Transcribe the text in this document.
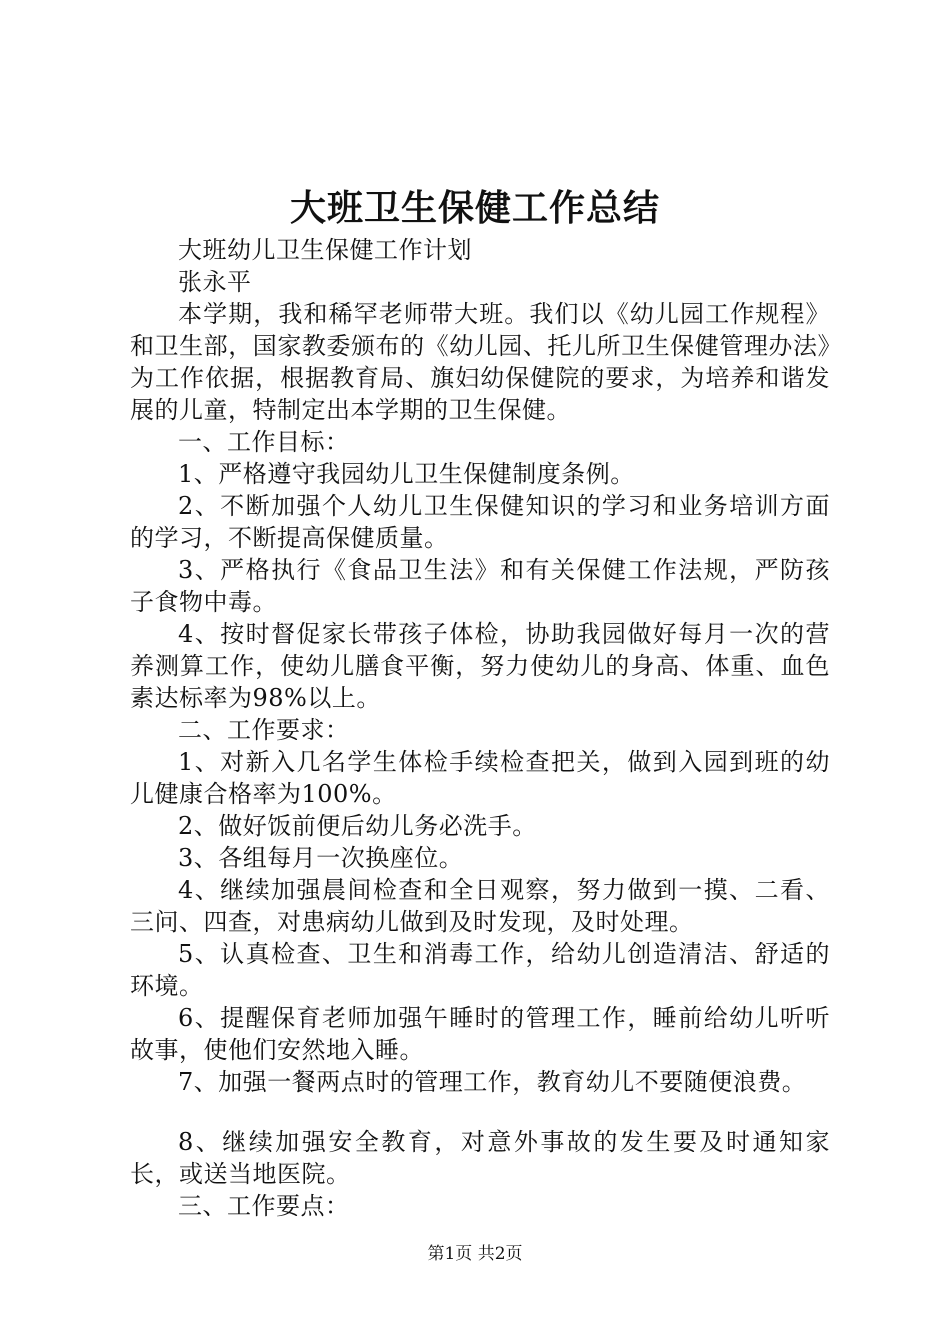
大班卫生保健工作总结

大班幼儿卫生保健工作计划

张永平

本学期，我和稀罕老师带大班。我们以《幼儿园工作规程》和卫生部，国家教委颁布的《幼儿园、托儿所卫生保健管理办法》为工作依据，根据教育局、旗妇幼保健院的要求，为培养和谐发展的儿童，特制定出本学期的卫生保健。

一、工作目标：

1、严格遵守我园幼儿卫生保健制度条例。

2、不断加强个人幼儿卫生保健知识的学习和业务培训方面的学习，不断提高保健质量。

3、严格执行《食品卫生法》和有关保健工作法规，严防孩子食物中毒。

4、按时督促家长带孩子体检，协助我园做好每月一次的营养测算工作，使幼儿膳食平衡，努力使幼儿的身高、体重、血色素达标率为98%以上。

二、工作要求：

1、对新入几名学生体检手续检查把关，做到入园到班的幼儿健康合格率为100%。

2、做好饭前便后幼儿务必洗手。

3、各组每月一次换座位。

4、继续加强晨间检查和全日观察，努力做到一摸、二看、三问、四查，对患病幼儿做到及时发现，及时处理。

5、认真检查、卫生和消毒工作，给幼儿创造清洁、舒适的环境。

6、提醒保育老师加强午睡时的管理工作，睡前给幼儿听听故事，使他们安然地入睡。

7、加强一餐两点时的管理工作，教育幼儿不要随便浪费。

8、继续加强安全教育，对意外事故的发生要及时通知家长，或送当地医院。

三、工作要点：

第1页 共2页
